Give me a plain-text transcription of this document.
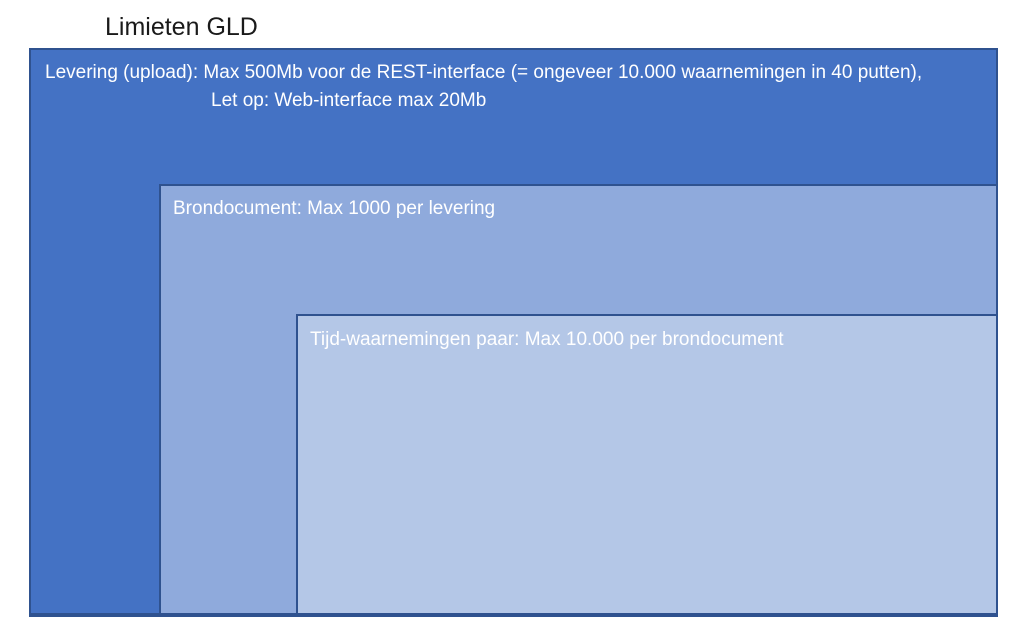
Limieten GLD
Levering (upload): Max 500Mb voor de REST-interface (= ongeveer 10.000 waarnemingen in 40 putten),
Let op: Web-interface max 20Mb
Brondocument: Max 1000 per levering
Tijd-waarnemingen paar: Max 10.000 per brondocument
